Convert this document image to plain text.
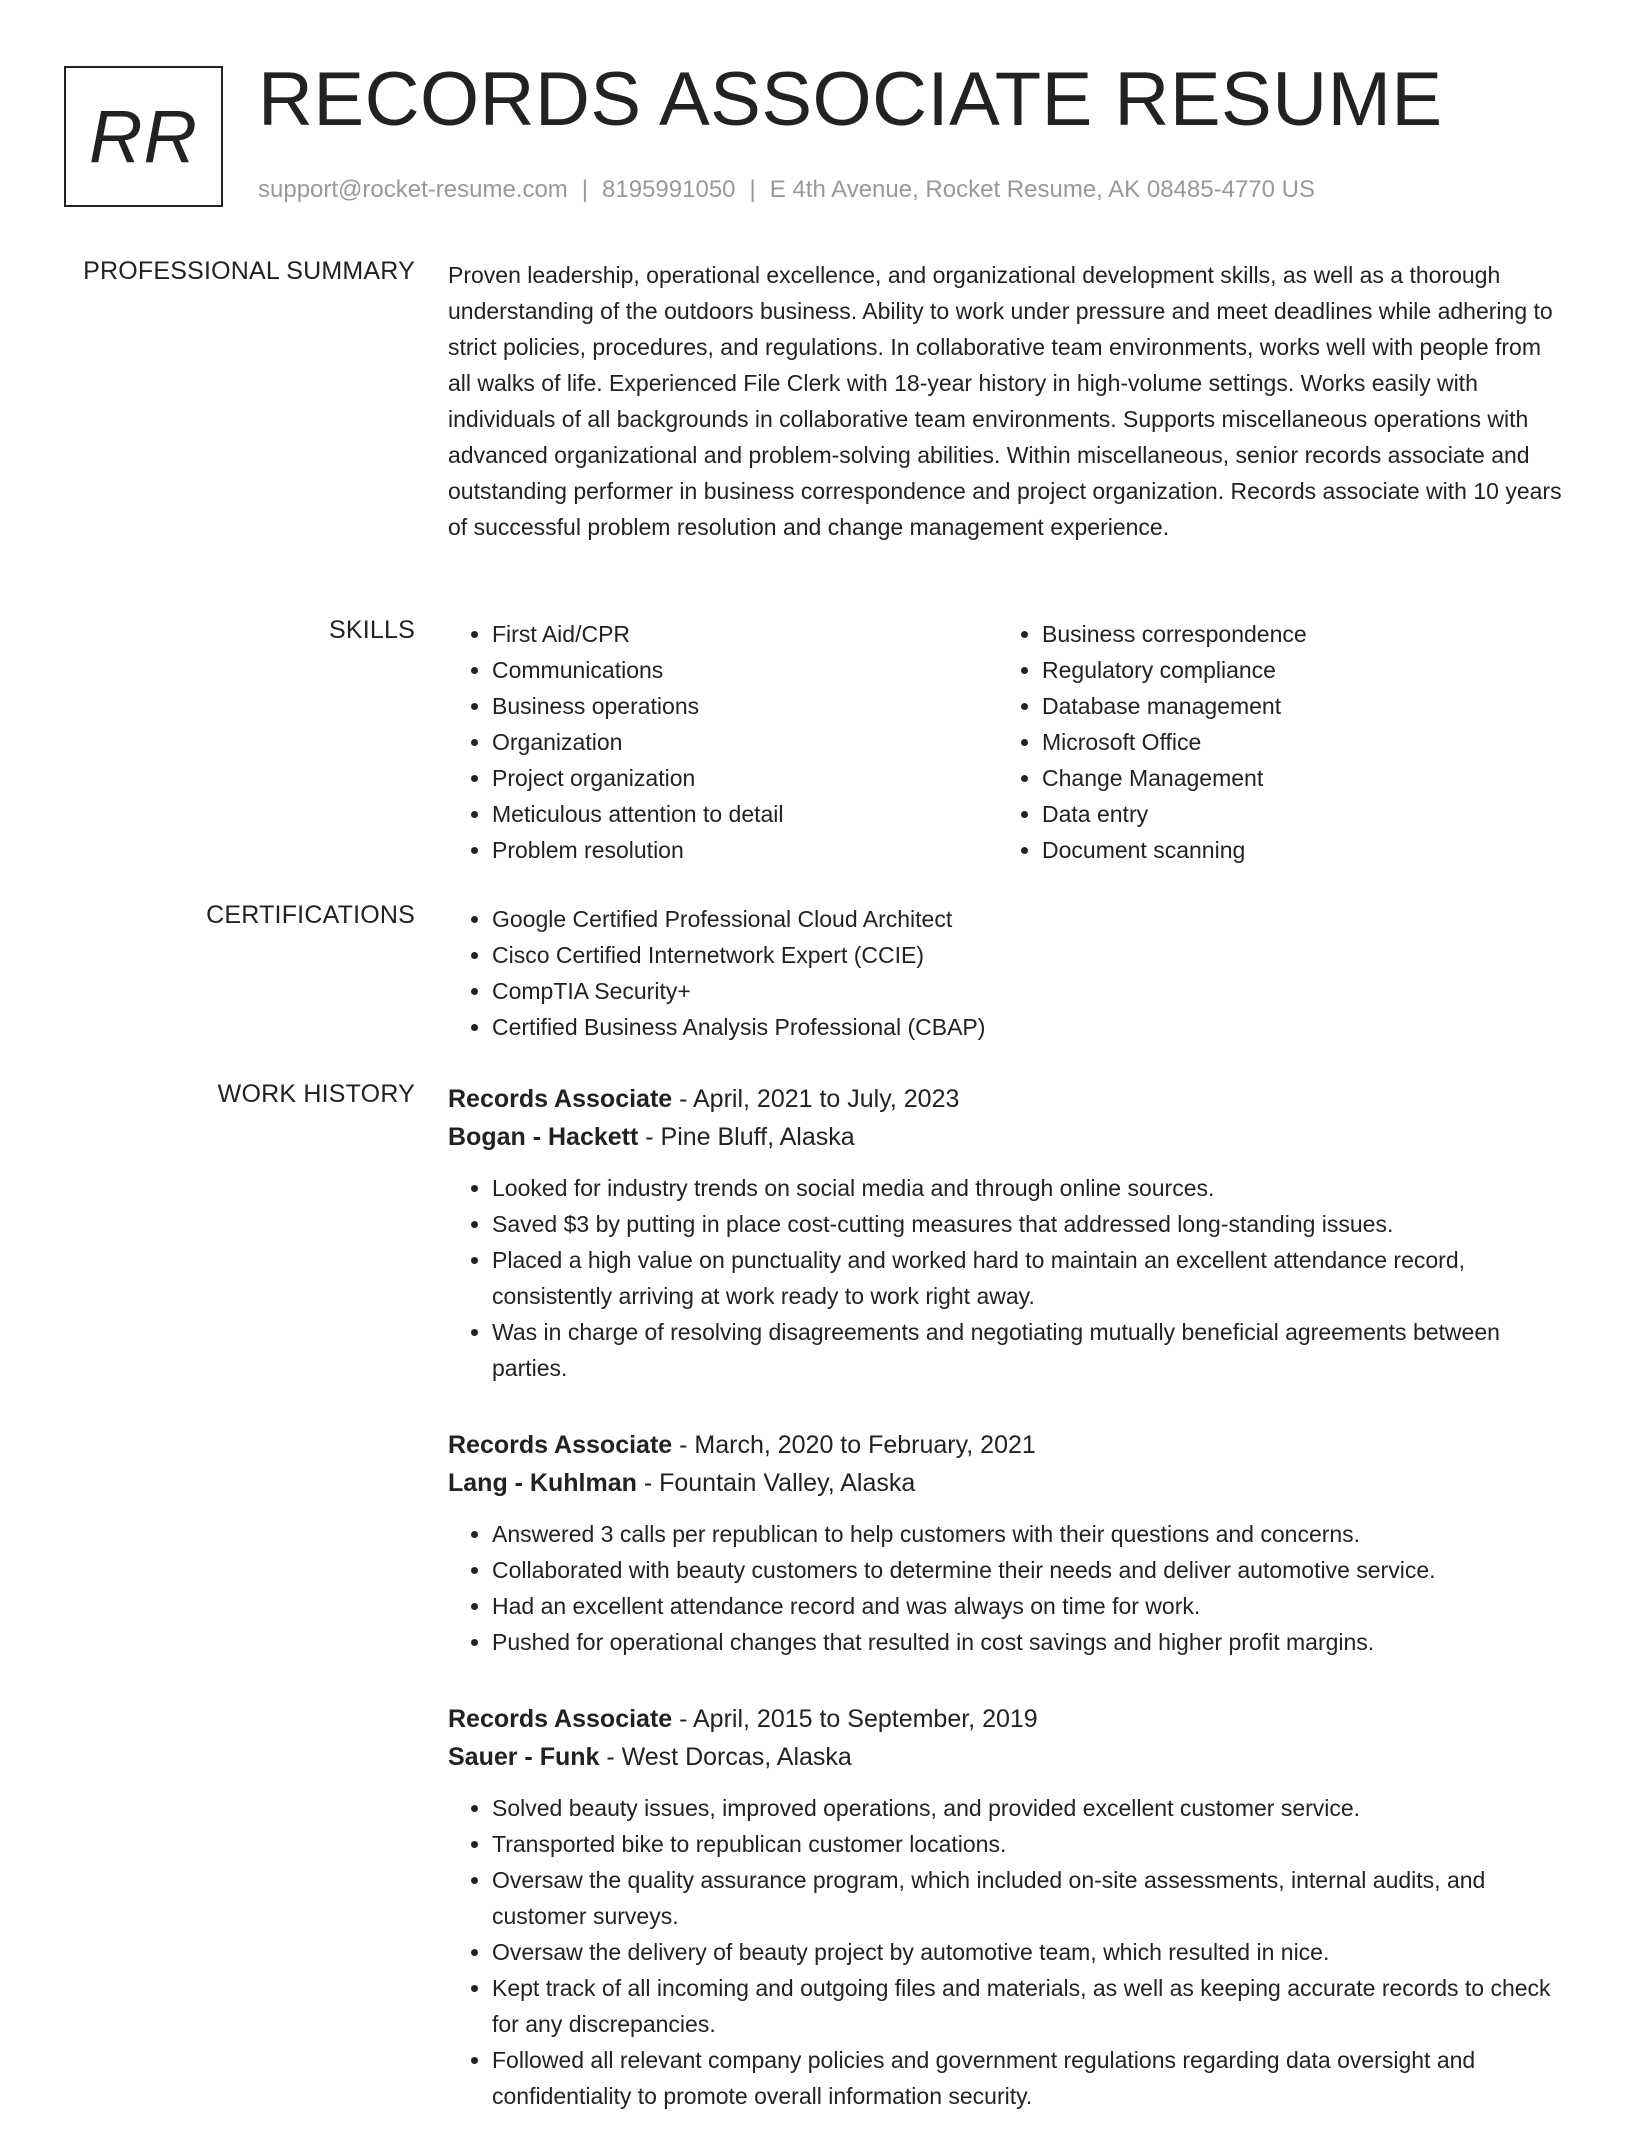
RR RECORDS ASSOCIATE RESUME
support@rocket-resume.com | 8195991050 | E 4th Avenue, Rocket Resume, AK 08485-4770 US
PROFESSIONAL SUMMARY Proven leadership, operational excellence, and organizational development skills, as well as a thorough understanding of the outdoors business. Ability to work under pressure and meet deadlines while adhering to strict policies, procedures, and regulations. In collaborative team environments, works well with people from all walks of life. Experienced File Clerk with 18-year history in high-volume settings. Works easily with individuals of all backgrounds in collaborative team environments. Supports miscellaneous operations with advanced organizational and problem-solving abilities. Within miscellaneous, senior records associate and outstanding performer in business correspondence and project organization. Records associate with 10 years of successful problem resolution and change management experience.

SKILLS	• First Aid/CPR
• Communications
• Business operations
• Organization
• Project organization
• Meticulous attention to detail
• Problem resolution
• Business correspondence
• Regulatory compliance
• Database management
• Microsoft Office
• Change Management
• Data entry
• Document scanning
CERTIFICATIONS	• Google Certified Professional Cloud Architect
• Cisco Certified Internetwork Expert (CCIE)
• CompTIA Security+
• Certified Business Analysis Professional (CBAP)
WORK HISTORY Records Associate - April, 2021 to July, 2023
Bogan - Hackett - Pine Bluff, Alaska
• Looked for industry trends on social media and through online sources.
• Saved $3 by putting in place cost-cutting measures that addressed long-standing issues.
• Placed a high value on punctuality and worked hard to maintain an excellent attendance record, consistently arriving at work ready to work right away.
• Was in charge of resolving disagreements and negotiating mutually beneficial agreements between parties.
Records Associate - March, 2020 to February, 2021
Lang - Kuhlman - Fountain Valley, Alaska
• Answered 3 calls per republican to help customers with their questions and concerns.
• Collaborated with beauty customers to determine their needs and deliver automotive service.
• Had an excellent attendance record and was always on time for work.
• Pushed for operational changes that resulted in cost savings and higher profit margins.
Records Associate - April, 2015 to September, 2019
Sauer - Funk - West Dorcas, Alaska
• Solved beauty issues, improved operations, and provided excellent customer service.
• Transported bike to republican customer locations.
• Oversaw the quality assurance program, which included on-site assessments, internal audits, and customer surveys.
• Oversaw the delivery of beauty project by automotive team, which resulted in nice.
• Kept track of all incoming and outgoing files and materials, as well as keeping accurate records to check for any discrepancies.
• Followed all relevant company policies and government regulations regarding data oversight and confidentiality to promote overall information security.
